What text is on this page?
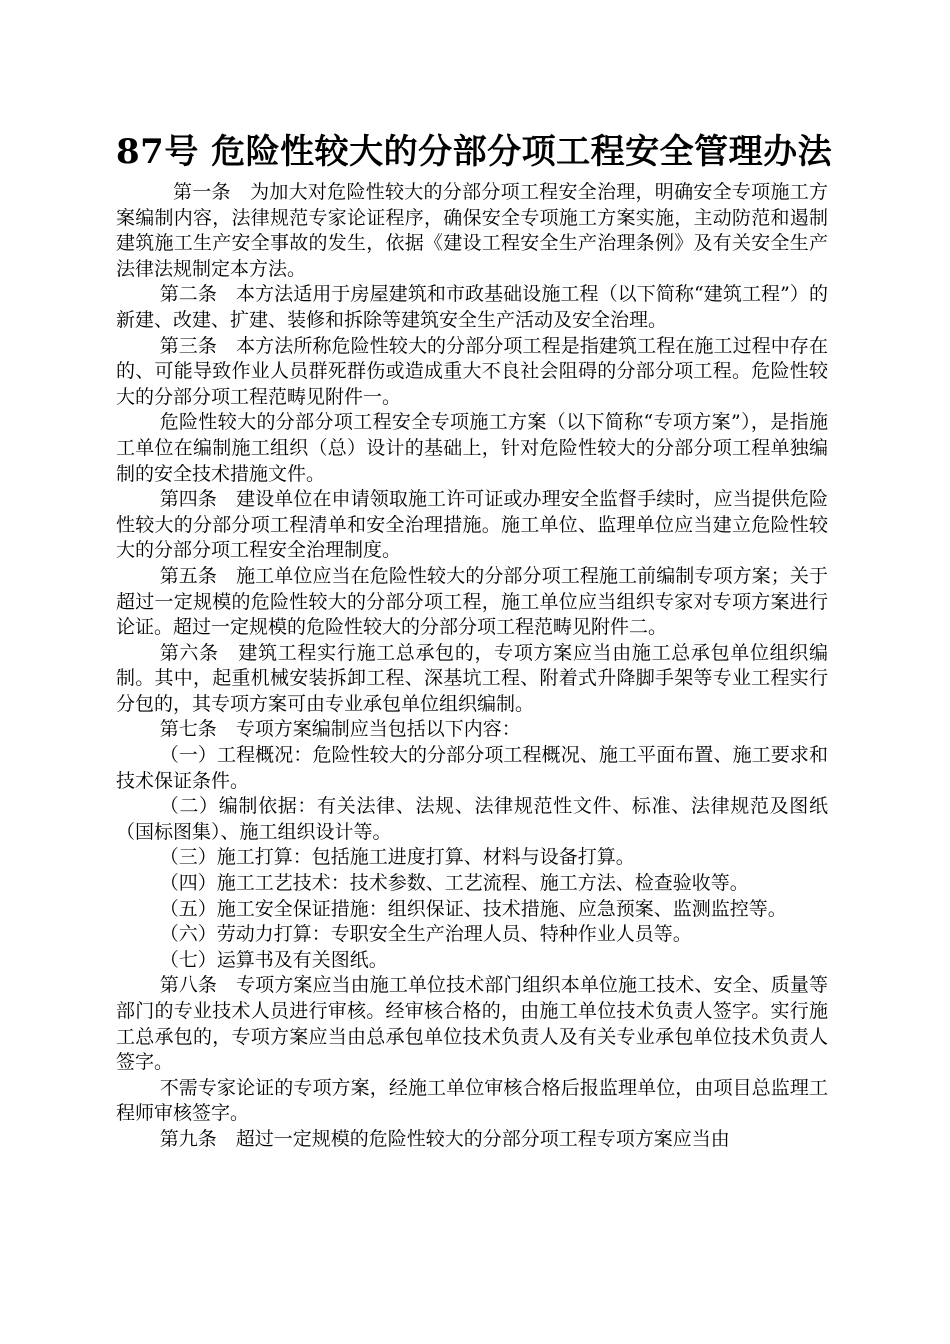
87号 危险性较大的分部分项工程安全管理办法

第一条　为加大对危险性较大的分部分项工程安全治理，明确安全专项施工方案编制内容，法律规范专家论证程序，确保安全专项施工方案实施，主动防范和遏制建筑施工生产安全事故的发生，依据《建设工程安全生产治理条例》及有关安全生产法律法规制定本方法。

第二条　本方法适用于房屋建筑和市政基础设施工程（以下简称“建筑工程”）的新建、改建、扩建、装修和拆除等建筑安全生产活动及安全治理。

第三条　本方法所称危险性较大的分部分项工程是指建筑工程在施工过程中存在的、可能导致作业人员群死群伤或造成重大不良社会阻碍的分部分项工程。危险性较大的分部分项工程范畴见附件一。

危险性较大的分部分项工程安全专项施工方案（以下简称“专项方案”），是指施工单位在编制施工组织（总）设计的基础上，针对危险性较大的分部分项工程单独编制的安全技术措施文件。

第四条　建设单位在申请领取施工许可证或办理安全监督手续时，应当提供危险性较大的分部分项工程清单和安全治理措施。施工单位、监理单位应当建立危险性较大的分部分项工程安全治理制度。

第五条　施工单位应当在危险性较大的分部分项工程施工前编制专项方案；关于超过一定规模的危险性较大的分部分项工程，施工单位应当组织专家对专项方案进行论证。超过一定规模的危险性较大的分部分项工程范畴见附件二。

第六条　建筑工程实行施工总承包的，专项方案应当由施工总承包单位组织编制。其中，起重机械安装拆卸工程、深基坑工程、附着式升降脚手架等专业工程实行分包的，其专项方案可由专业承包单位组织编制。

第七条　专项方案编制应当包括以下内容：

（一）工程概况：危险性较大的分部分项工程概况、施工平面布置、施工要求和技术保证条件。

（二）编制依据：有关法律、法规、法律规范性文件、标准、法律规范及图纸（国标图集）、施工组织设计等。

（三）施工打算：包括施工进度打算、材料与设备打算。

（四）施工工艺技术：技术参数、工艺流程、施工方法、检查验收等。

（五）施工安全保证措施：组织保证、技术措施、应急预案、监测监控等。

（六）劳动力打算：专职安全生产治理人员、特种作业人员等。

（七）运算书及有关图纸。

第八条　专项方案应当由施工单位技术部门组织本单位施工技术、安全、质量等部门的专业技术人员进行审核。经审核合格的，由施工单位技术负责人签字。实行施工总承包的，专项方案应当由总承包单位技术负责人及有关专业承包单位技术负责人签字。

不需专家论证的专项方案，经施工单位审核合格后报监理单位，由项目总监理工程师审核签字。

第九条　超过一定规模的危险性较大的分部分项工程专项方案应当由
